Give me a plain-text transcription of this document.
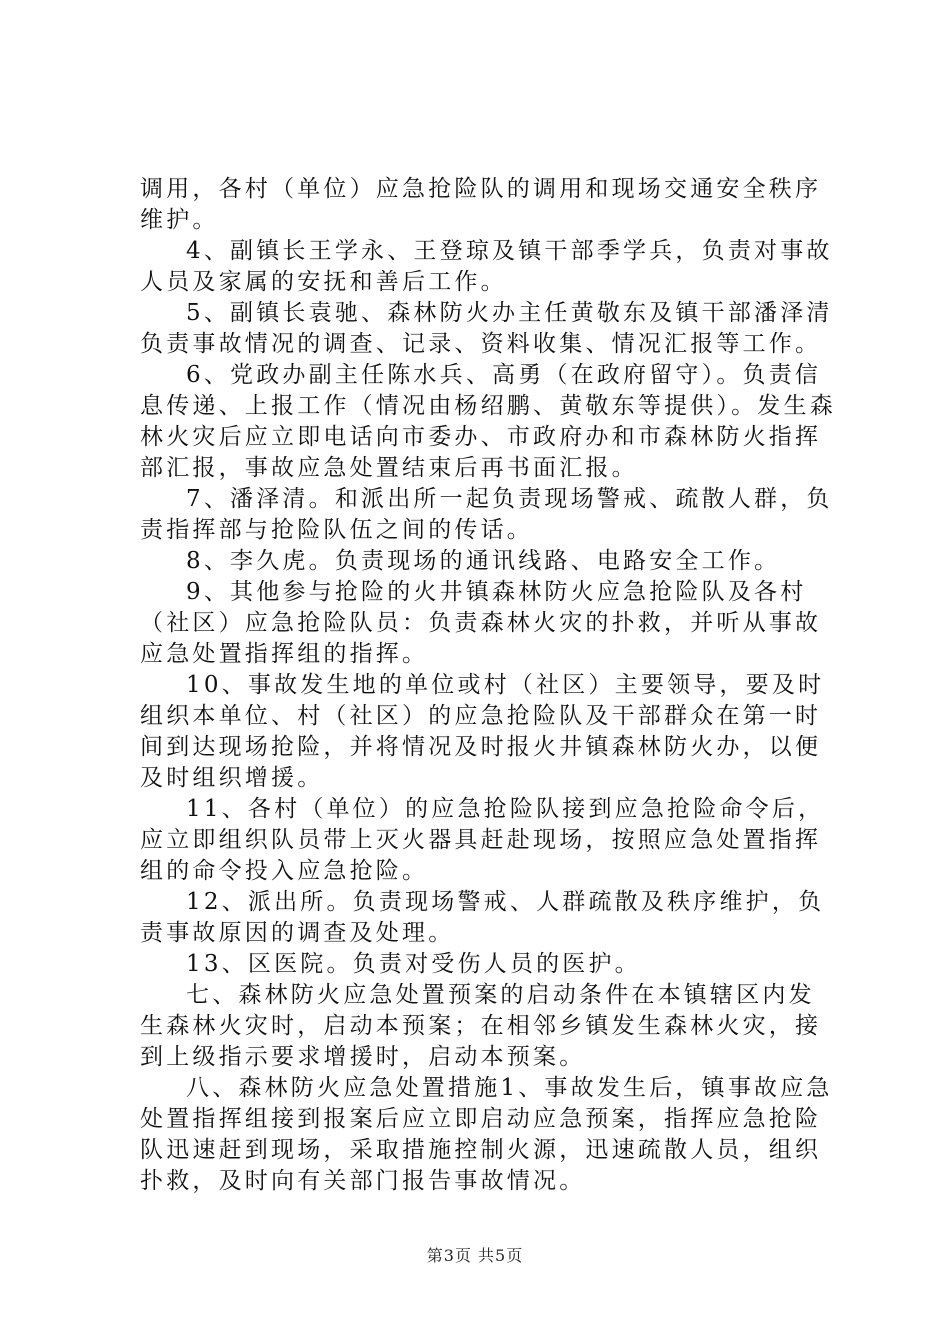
调用，各村（单位）应急抢险队的调用和现场交通安全秩序维护。

4、副镇长王学永、王登琼及镇干部季学兵，负责对事故人员及家属的安抚和善后工作。

5、副镇长袁驰、森林防火办主任黄敬东及镇干部潘泽清负责事故情况的调查、记录、资料收集、情况汇报等工作。

6、党政办副主任陈水兵、高勇（在政府留守）。负责信息传递、上报工作（情况由杨绍鹏、黄敬东等提供）。发生森林火灾后应立即电话向市委办、市政府办和市森林防火指挥部汇报，事故应急处置结束后再书面汇报。

7、潘泽清。和派出所一起负责现场警戒、疏散人群，负责指挥部与抢险队伍之间的传话。

8、李久虎。负责现场的通讯线路、电路安全工作。

9、其他参与抢险的火井镇森林防火应急抢险队及各村（社区）应急抢险队员：负责森林火灾的扑救，并听从事故应急处置指挥组的指挥。

10、事故发生地的单位或村（社区）主要领导，要及时组织本单位、村（社区）的应急抢险队及干部群众在第一时间到达现场抢险，并将情况及时报火井镇森林防火办，以便及时组织增援。

11、各村（单位）的应急抢险队接到应急抢险命令后，应立即组织队员带上灭火器具赶赴现场，按照应急处置指挥组的命令投入应急抢险。

12、派出所。负责现场警戒、人群疏散及秩序维护，负责事故原因的调查及处理。

13、区医院。负责对受伤人员的医护。

七、森林防火应急处置预案的启动条件在本镇辖区内发生森林火灾时，启动本预案；在相邻乡镇发生森林火灾，接到上级指示要求增援时，启动本预案。

八、森林防火应急处置措施1、事故发生后，镇事故应急处置指挥组接到报案后应立即启动应急预案，指挥应急抢险队迅速赶到现场，采取措施控制火源，迅速疏散人员，组织扑救，及时向有关部门报告事故情况。

第3页 共5页
